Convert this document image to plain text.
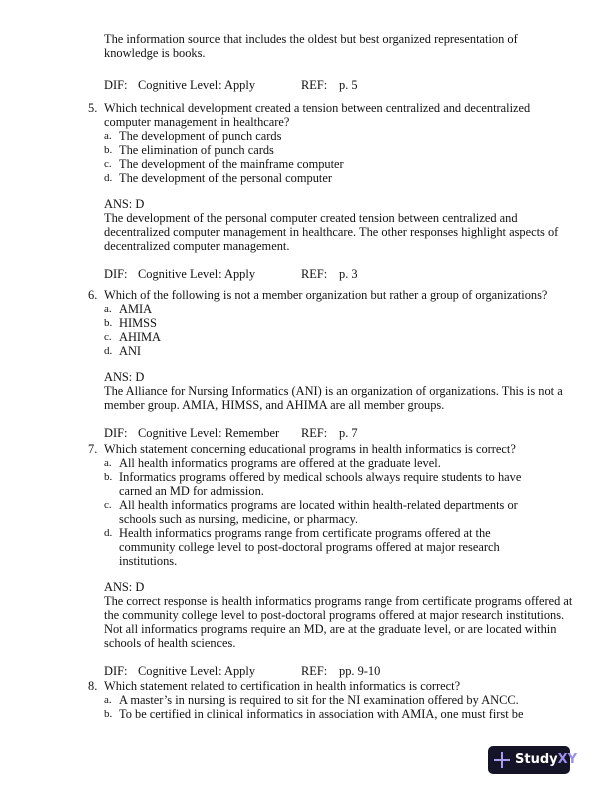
The information source that includes the oldest but best organized representation of
knowledge is books.
DIF: Cognitive Level: Apply	REF: p. 5
5. Which technical development created a tension between centralized and decentralized
computer management in healthcare?
a. The development of punch cards
b. The elimination of punch cards
c. The development of the mainframe computer
d. The development of the personal computer
ANS: D
The development of the personal computer created tension between centralized and
decentralized computer management in healthcare. The other responses highlight aspects of
decentralized computer management.
DIF: Cognitive Level: Apply	REF: p. 3
6. Which of the following is not a member organization but rather a group of organizations?
a. AMIA
b. HIMSS
c. AHIMA
d. ANI
ANS: D
The Alliance for Nursing Informatics (ANI) is an organization of organizations. This is not a
member group. AMIA, HIMSS, and AHIMA are all member groups.
DIF: Cognitive Level: Remember REF: p. 7
7. Which statement concerning educational programs in health informatics is correct?
a. All health informatics programs are offered at the graduate level.
b. Informatics programs offered by medical schools always require students to have
carned an MD for admission.
c. All health informatics programs are located within health-related departments or
schools such as nursing, medicine, or pharmacy.
d. Health informatics programs range from certificate programs offered at the
community college level to post-doctoral programs offered at major research
institutions.
ANS: D
The correct response is health informatics programs range from certificate programs offered at
the community college level to post-doctoral programs offered at major research institutions.
Not all informatics programs require an MD, are at the graduate level, or are located within
schools of health sciences.
DIF: Cognitive Level: Apply	REF: pp. 9-10
8. Which statement related to certification in health informatics is correct?
a. A master’s in nursing is required to sit for the NI examination offered by ANCC.
b. To be certified in clinical informatics in association with AMIA, one must first be
StudyXY
